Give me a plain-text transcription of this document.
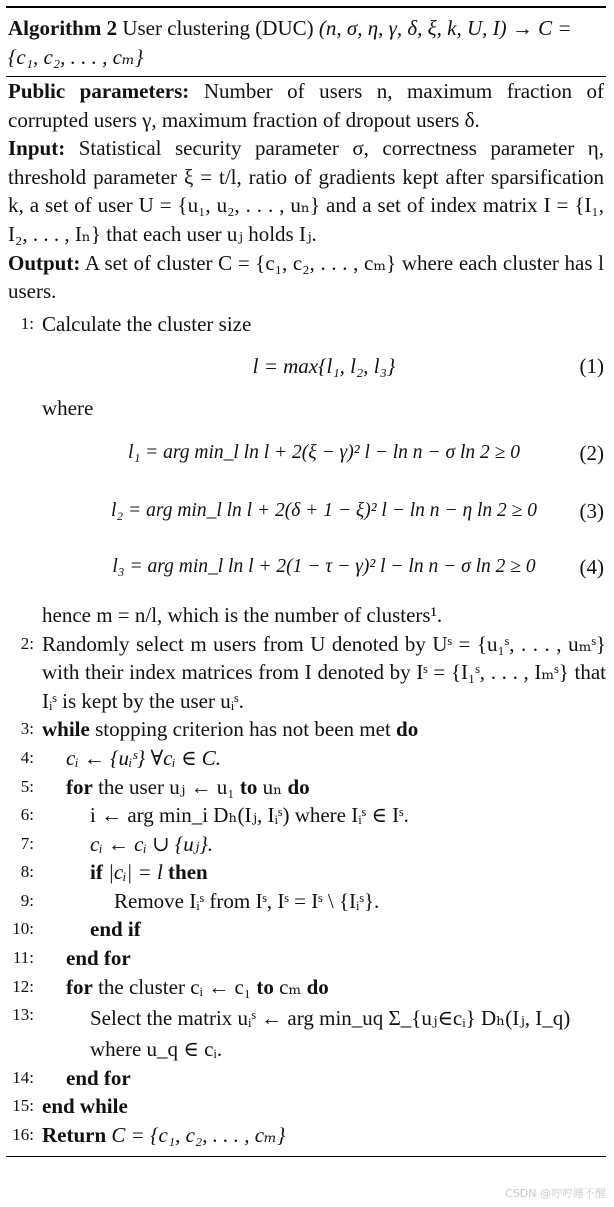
Algorithm 2 User clustering (DUC) (n, σ, η, γ, δ, ξ, k, U, I) → C = {c₁, c₂, . . . , cₘ}
Public parameters: Number of users n, maximum fraction of corrupted users γ, maximum fraction of dropout users δ.
Input: Statistical security parameter σ, correctness parameter η, threshold parameter ξ = t/l, ratio of gradients kept after sparsification k, a set of user U = {u₁, u₂, . . . , uₙ} and a set of index matrix I = {I₁, I₂, . . . , Iₙ} that each user uⱼ holds Iⱼ.
Output: A set of cluster C = {c₁, c₂, . . . , cₘ} where each cluster has l users.
1: Calculate the cluster size
l = max{l₁, l₂, l₃}	(1)
where
l₁ = arg min_l ln l + 2(ξ − γ)² l − ln n − σ ln 2 ≥ 0	(2)
l₂ = arg min_l ln l + 2(δ + 1 − ξ)² l − ln n − η ln 2 ≥ 0 (3)
l₃ = arg min_l ln l + 2(1 − τ − γ)² l − ln n − σ ln 2 ≥ 0 (4)
hence m = n/l, which is the number of clusters¹.
2: Randomly select m users from U denoted by Uˢ = {u₁ˢ, . . . , uₘˢ} with their index matrices from I denoted by Iˢ = {I₁ˢ, . . . , Iₘˢ} that Iᵢˢ is kept by the user uᵢˢ.
3: while stopping criterion has not been met do
4:	cᵢ ← {uᵢˢ} ∀cᵢ ∈ C.
5:	for the user uⱼ ← u₁ to uₙ do
6:	i ← arg min_i Dₕ(Iⱼ, Iᵢˢ) where Iᵢˢ ∈ Iˢ.
7:	cᵢ ← cᵢ ∪ {uⱼ}.
8:	if |cᵢ| = l then
9:	Remove Iᵢˢ from Iˢ, Iˢ = Iˢ \ {Iᵢˢ}.
10:	end if
11:	end for
12:	for the cluster cᵢ ← c₁ to cₘ do
13:	Select the matrix uᵢˢ ← arg min_uq Σ_{uⱼ∈cᵢ} Dₕ(Iⱼ, I_q)
where u_q ∈ cᵢ.
14:	end for
15: end while
16: Return C = {c₁, c₂, . . . , cₘ}
CSDN @哼哼睡不醒
